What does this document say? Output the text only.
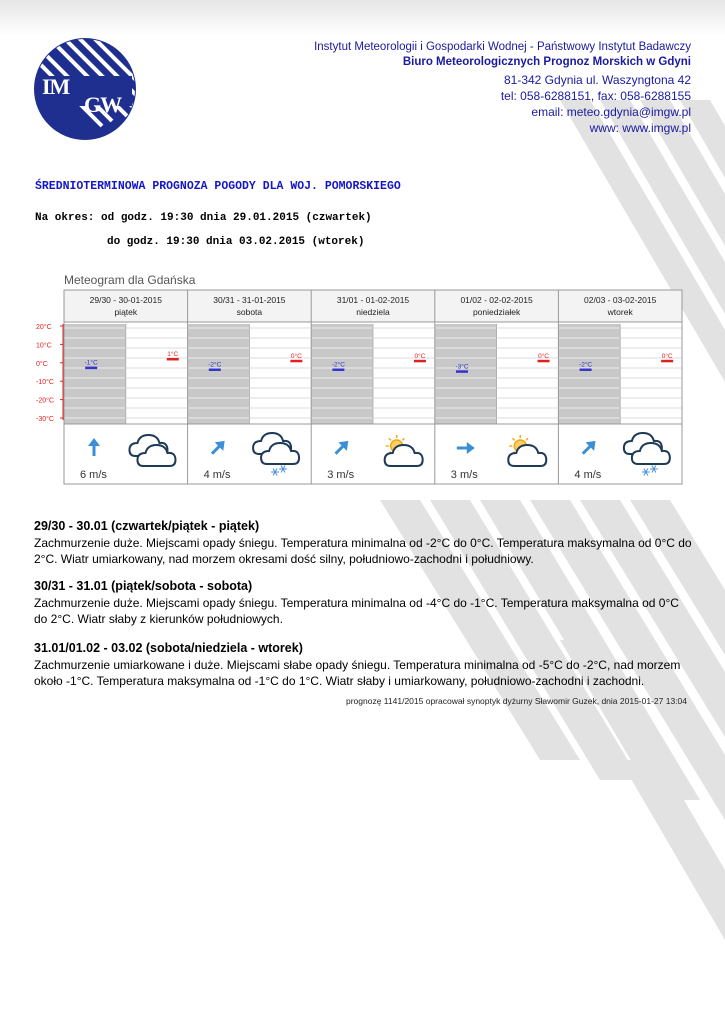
IM
GW
Instytut Meteorologii i Gospodarki Wodnej - Państwowy Instytut Badawczy
Biuro Meteorologicznych Prognoz Morskich w Gdyni
81-342 Gdynia ul. Waszyngtona 42
tel: 058-6288151, fax: 058-6288155
email: meteo.gdynia@imgw.pl
www: www.imgw.pl
ŚREDNIOTERMINOWA PROGNOZA POGODY DLA WOJ. POMORSKIEGO
Na okres: od godz. 19:30 dnia 29.01.2015 (czwartek)
do godz. 19:30 dnia 03.02.2015 (wtorek)
Meteogram dla Gdańska
20°C
10°C
0°C
-10°C
-20°C
-30°C
29/30 - 30-01-2015
piątek
-1°C
1°C
6 m/s
30/31 - 31-01-2015
sobota
-2°C
0°C
4 m/s
31/01 - 01-02-2015
niedziela
-2°C
0°C
3 m/s
01/02 - 02-02-2015
poniedziałek
-3°C
0°C
3 m/s
02/03 - 03-02-2015
wtorek
-2°C
0°C
4 m/s
29/30 - 30.01 (czwartek/piątek - piątek)
Zachmurzenie duże. Miejscami opady śniegu. Temperatura minimalna od -2°C do 0°C. Temperatura maksymalna od 0°C do 2°C. Wiatr umiarkowany, nad morzem okresami dość silny, południowo-zachodni i południowy.
30/31 - 31.01 (piątek/sobota - sobota)
Zachmurzenie duże. Miejscami opady śniegu. Temperatura minimalna od -4°C do -1°C. Temperatura maksymalna od 0°C do 2°C. Wiatr słaby z kierunków południowych.
31.01/01.02 - 03.02 (sobota/niedziela - wtorek)
Zachmurzenie umiarkowane i duże. Miejscami słabe opady śniegu. Temperatura minimalna od -5°C do -2°C, nad morzem około -1°C. Temperatura maksymalna od -1°C do 1°C. Wiatr słaby i umiarkowany, południowo-zachodni i zachodni.
prognozę 1141/2015 opracował synoptyk dyżurny Sławomir Guzek, dnia 2015-01-27 13:04
